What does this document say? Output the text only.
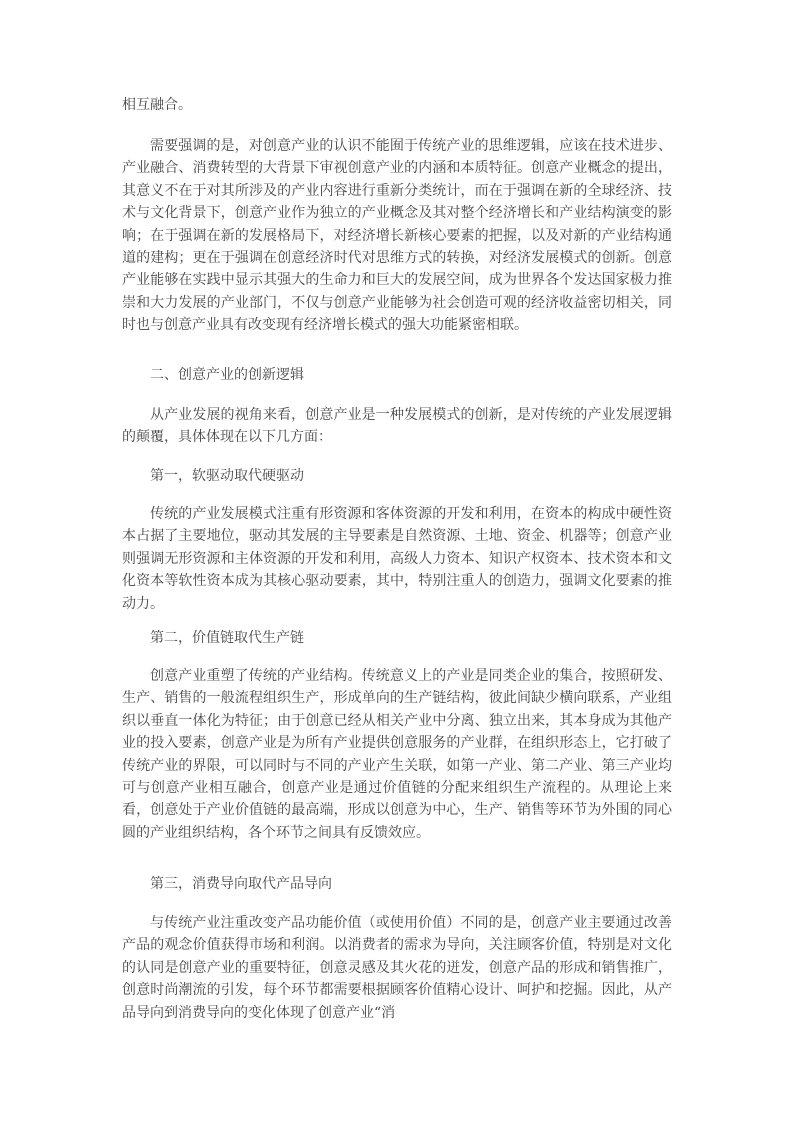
相互融合。

需要强调的是，对创意产业的认识不能囿于传统产业的思维逻辑，应该在技术进步、产业融合、消费转型的大背景下审视创意产业的内涵和本质特征。创意产业概念的提出，其意义不在于对其所涉及的产业内容进行重新分类统计，而在于强调在新的全球经济、技术与文化背景下，创意产业作为独立的产业概念及其对整个经济增长和产业结构演变的影响；在于强调在新的发展格局下，对经济增长新核心要素的把握，以及对新的产业结构通道的建构；更在于强调在创意经济时代对思维方式的转换，对经济发展模式的创新。创意产业能够在实践中显示其强大的生命力和巨大的发展空间，成为世界各个发达国家极力推崇和大力发展的产业部门，不仅与创意产业能够为社会创造可观的经济收益密切相关，同时也与创意产业具有改变现有经济增长模式的强大功能紧密相联。

二、创意产业的创新逻辑

从产业发展的视角来看，创意产业是一种发展模式的创新，是对传统的产业发展逻辑的颠覆，具体体现在以下几方面：

第一，软驱动取代硬驱动

传统的产业发展模式注重有形资源和客体资源的开发和利用，在资本的构成中硬性资本占据了主要地位，驱动其发展的主导要素是自然资源、土地、资金、机器等；创意产业则强调无形资源和主体资源的开发和利用，高级人力资本、知识产权资本、技术资本和文化资本等软性资本成为其核心驱动要素，其中，特别注重人的创造力，强调文化要素的推动力。

第二，价值链取代生产链

创意产业重塑了传统的产业结构。传统意义上的产业是同类企业的集合，按照研发、生产、销售的一般流程组织生产，形成单向的生产链结构，彼此间缺少横向联系，产业组织以垂直一体化为特征；由于创意已经从相关产业中分离、独立出来，其本身成为其他产业的投入要素，创意产业是为所有产业提供创意服务的产业群，在组织形态上，它打破了传统产业的界限，可以同时与不同的产业产生关联，如第一产业、第二产业、第三产业均可与创意产业相互融合，创意产业是通过价值链的分配来组织生产流程的。从理论上来看，创意处于产业价值链的最高端，形成以创意为中心，生产、销售等环节为外围的同心圆的产业组织结构，各个环节之间具有反馈效应。

第三，消费导向取代产品导向

与传统产业注重改变产品功能价值（或使用价值）不同的是，创意产业主要通过改善产品的观念价值获得市场和利润。以消费者的需求为导向，关注顾客价值，特别是对文化的认同是创意产业的重要特征，创意灵感及其火花的迸发，创意产品的形成和销售推广，创意时尚潮流的引发，每个环节都需要根据顾客价值精心设计、呵护和挖掘。因此，从产品导向到消费导向的变化体现了创意产业“消
